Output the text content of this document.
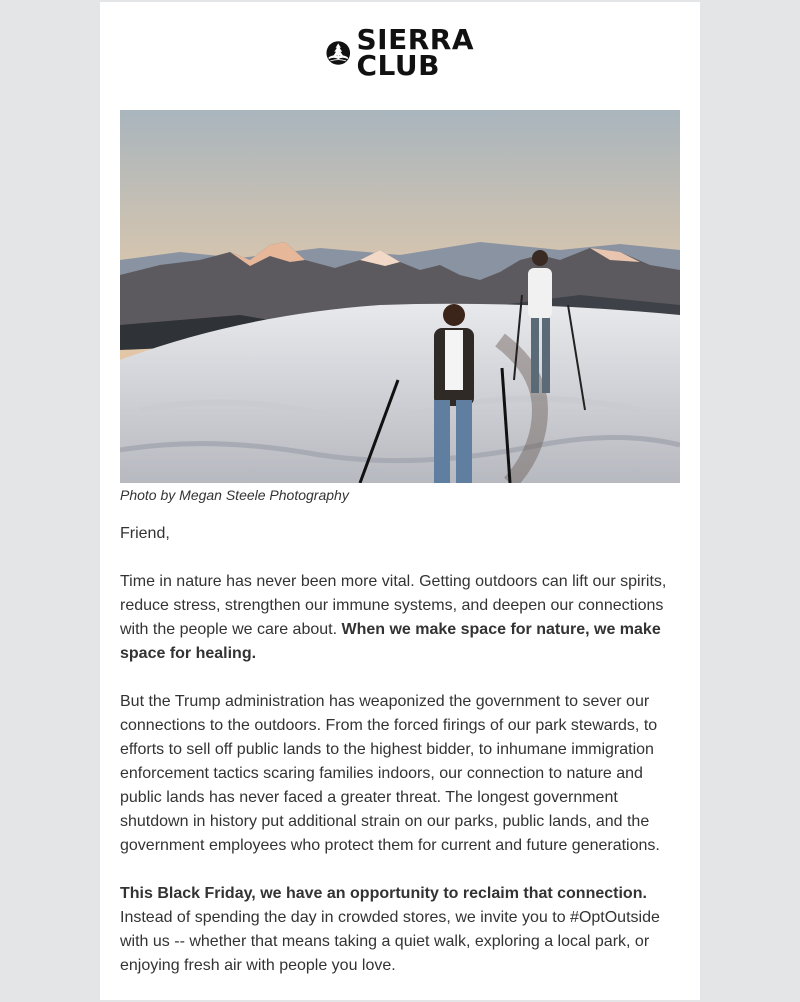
SIERRA
CLUB
Photo by Megan Steele Photography

Friend,

Time in nature has never been more vital. Getting outdoors can lift our spirits, reduce stress, strengthen our immune systems, and deepen our connections with the people we care about. When we make space for nature, we make space for healing.

But the Trump administration has weaponized the government to sever our connections to the outdoors. From the forced firings of our park stewards, to efforts to sell off public lands to the highest bidder, to inhumane immigration enforcement tactics scaring families indoors, our connection to nature and public lands has never faced a greater threat. The longest government shutdown in history put additional strain on our parks, public lands, and the government employees who protect them for current and future generations.

This Black Friday, we have an opportunity to reclaim that connection. Instead of spending the day in crowded stores, we invite you to #OptOutside with us -- whether that means taking a quiet walk, exploring a local park, or enjoying fresh air with people you love.
